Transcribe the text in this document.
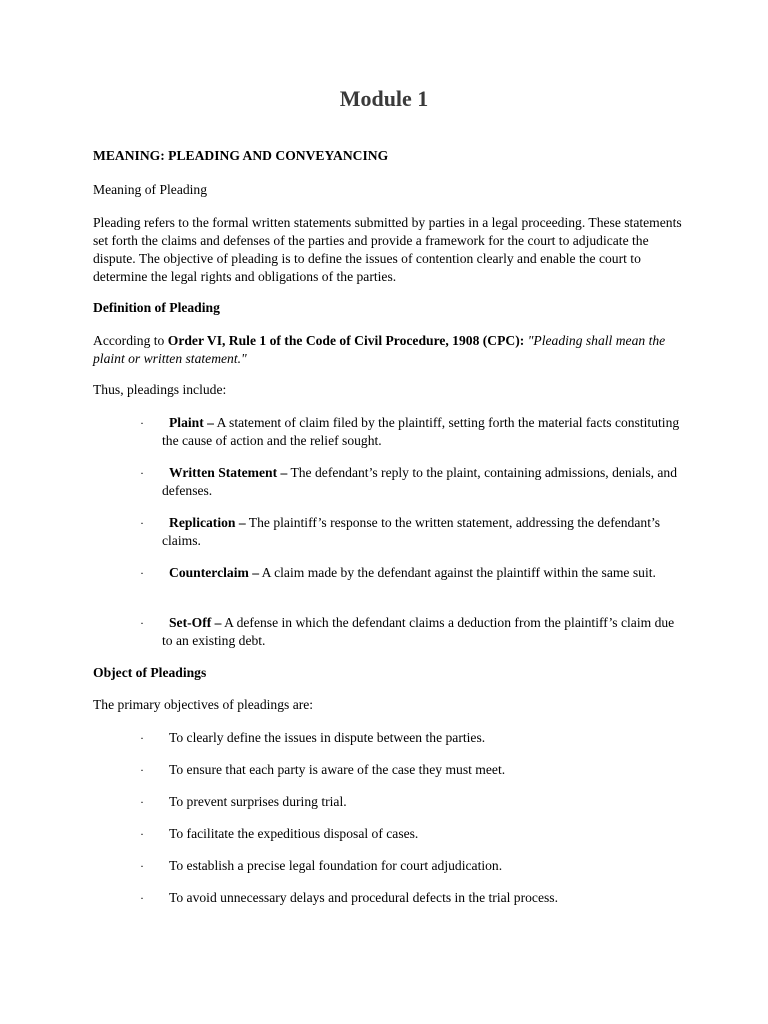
Module 1

MEANING: PLEADING AND CONVEYANCING

Meaning of Pleading

Pleading refers to the formal written statements submitted by parties in a legal proceeding. These statements set forth the claims and defenses of the parties and provide a framework for the court to adjudicate the dispute. The objective of pleading is to define the issues of contention clearly and enable the court to determine the legal rights and obligations of the parties.

Definition of Pleading

According to Order VI, Rule 1 of the Code of Civil Procedure, 1908 (CPC): "Pleading shall mean the plaint or written statement."

Thus, pleadings include:

·	Plaint – A statement of claim filed by the plaintiff, setting forth the material facts constituting the cause of action and the relief sought.

·	Written Statement – The defendant’s reply to the plaint, containing admissions, denials, and defenses.

·	Replication – The plaintiff’s response to the written statement, addressing the defendant’s claims.

·	Counterclaim – A claim made by the defendant against the plaintiff within the same suit.

·	Set-Off – A defense in which the defendant claims a deduction from the plaintiff’s claim due to an existing debt.

Object of Pleadings

The primary objectives of pleadings are:

· To clearly define the issues in dispute between the parties.

· To ensure that each party is aware of the case they must meet.

· To prevent surprises during trial.

· To facilitate the expeditious disposal of cases.

· To establish a precise legal foundation for court adjudication.

· To avoid unnecessary delays and procedural defects in the trial process.
